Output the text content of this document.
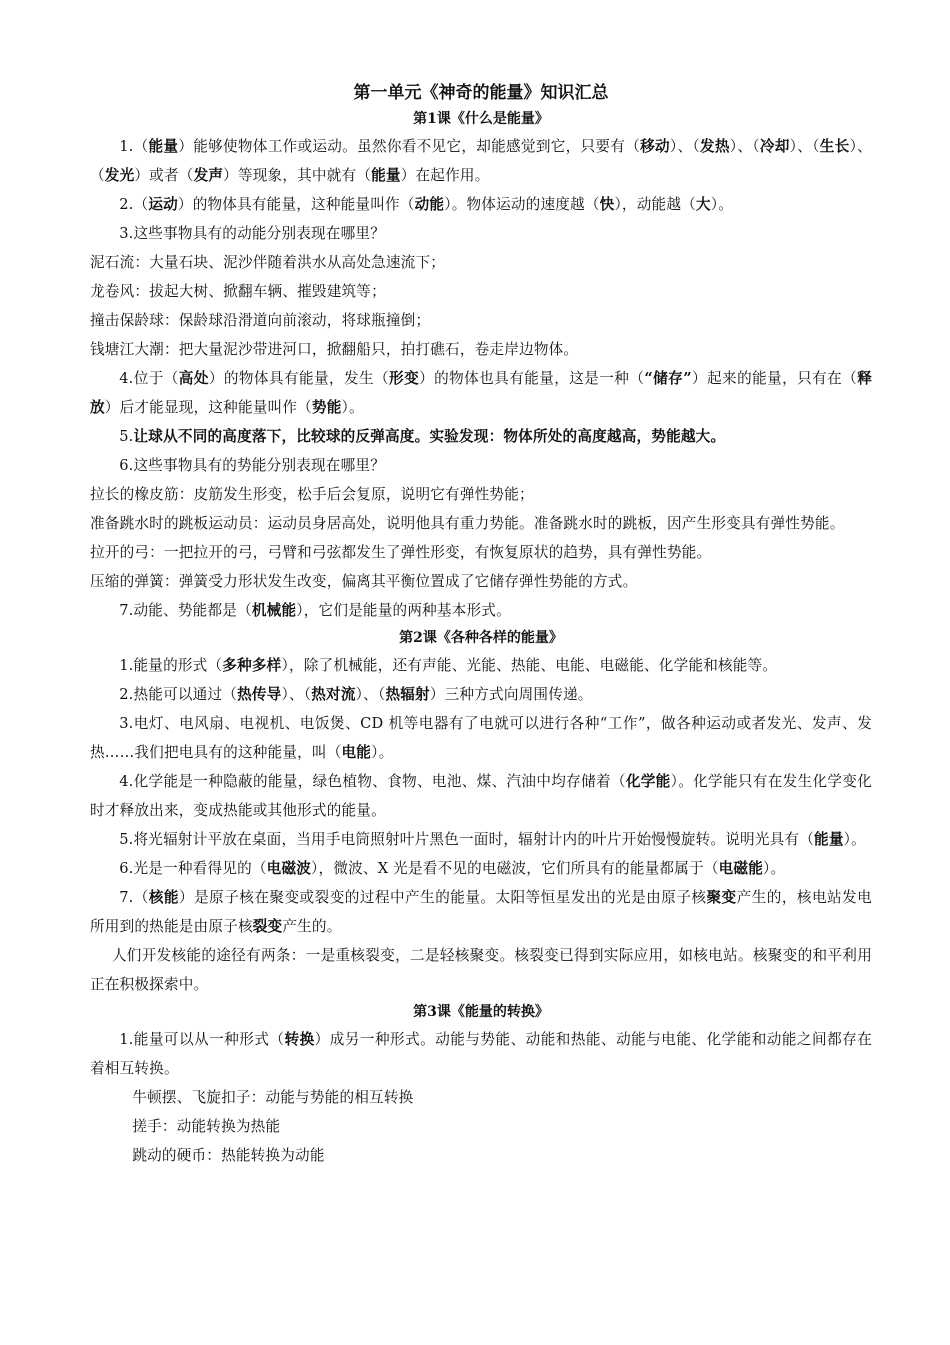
第一单元《神奇的能量》知识汇总
第1课《什么是能量》

1.（能量）能够使物体工作或运动。虽然你看不见它，却能感觉到它，只要有（移动）、（发热）、（冷却）、（生长）、（发光）或者（发声）等现象，其中就有（能量）在起作用。

2.（运动）的物体具有能量，这种能量叫作（动能）。物体运动的速度越（快），动能越（大）。

3.这些事物具有的动能分别表现在哪里？

泥石流：大量石块、泥沙伴随着洪水从高处急速流下；

龙卷风：拔起大树、掀翻车辆、摧毁建筑等；

撞击保龄球：保龄球沿滑道向前滚动，将球瓶撞倒；

钱塘江大潮：把大量泥沙带进河口，掀翻船只，拍打礁石，卷走岸边物体。

4.位于（高处）的物体具有能量，发生（形变）的物体也具有能量，这是一种（“储存”）起来的能量，只有在（释放）后才能显现，这种能量叫作（势能）。

5.让球从不同的高度落下，比较球的反弹高度。实验发现：物体所处的高度越高，势能越大。

6.这些事物具有的势能分别表现在哪里？

拉长的橡皮筋：皮筋发生形变，松手后会复原，说明它有弹性势能；

准备跳水时的跳板运动员：运动员身居高处，说明他具有重力势能。准备跳水时的跳板，因产生形变具有弹性势能。

拉开的弓：一把拉开的弓，弓臂和弓弦都发生了弹性形变，有恢复原状的趋势，具有弹性势能。

压缩的弹簧：弹簧受力形状发生改变，偏离其平衡位置成了它储存弹性势能的方式。

7.动能、势能都是（机械能），它们是能量的两种基本形式。

第2课《各种各样的能量》

1.能量的形式（多种多样），除了机械能，还有声能、光能、热能、电能、电磁能、化学能和核能等。

2.热能可以通过（热传导）、（热对流）、（热辐射）三种方式向周围传递。

3.电灯、电风扇、电视机、电饭煲、CD 机等电器有了电就可以进行各种“工作”，做各种运动或者发光、发声、发热……我们把电具有的这种能量，叫（电能）。

4.化学能是一种隐蔽的能量，绿色植物、食物、电池、煤、汽油中均存储着（化学能）。化学能只有在发生化学变化时才释放出来，变成热能或其他形式的能量。

5.将光辐射计平放在桌面，当用手电筒照射叶片黑色一面时，辐射计内的叶片开始慢慢旋转。说明光具有（能量）。

6.光是一种看得见的（电磁波），微波、X 光是看不见的电磁波，它们所具有的能量都属于（电磁能）。

7.（核能）是原子核在聚变或裂变的过程中产生的能量。太阳等恒星发出的光是由原子核聚变产生的，核电站发电所用到的热能是由原子核裂变产生的。

人们开发核能的途径有两条：一是重核裂变，二是轻核聚变。核裂变已得到实际应用，如核电站。核聚变的和平利用正在积极探索中。

第3课《能量的转换》

1.能量可以从一种形式（转换）成另一种形式。动能与势能、动能和热能、动能与电能、化学能和动能之间都存在着相互转换。

牛顿摆、飞旋扣子：动能与势能的相互转换

搓手：动能转换为热能

跳动的硬币：热能转换为动能
